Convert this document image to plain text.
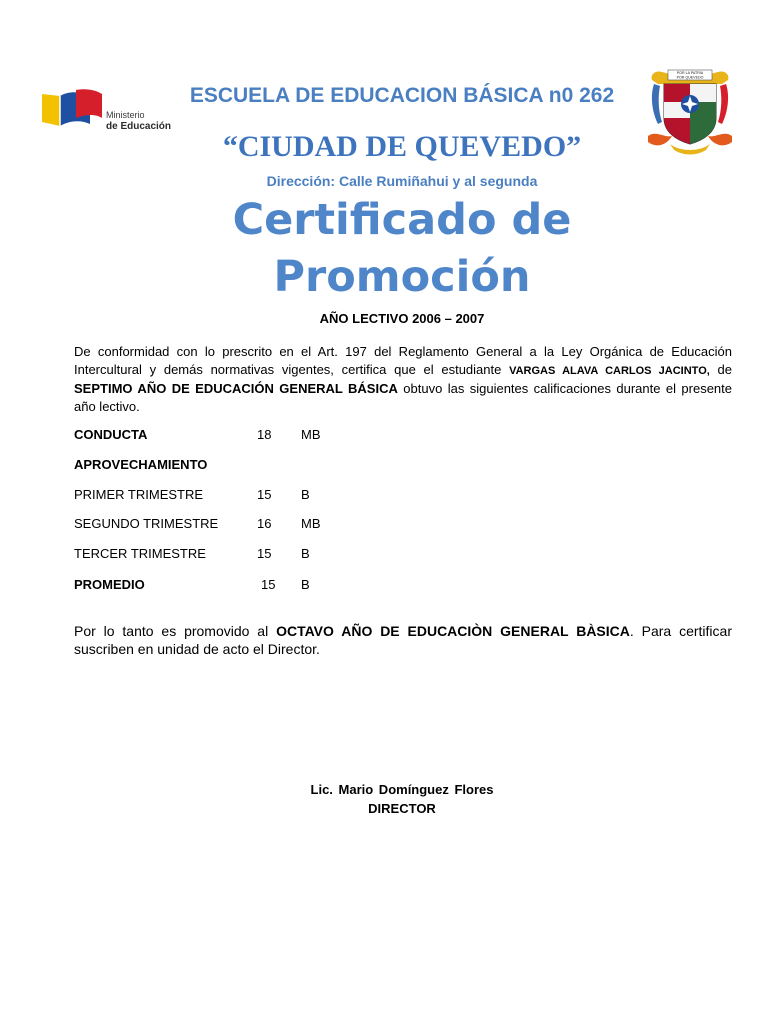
Ministerio
de Educación
POR LA PATRIA
POR QUEVEDO
ESCUELA DE EDUCACION BÁSICA n0 262
“CIUDAD DE QUEVEDO”
Dirección: Calle Rumiñahui y al segunda
Certificado de
Promoción
AÑO LECTIVO 2006 – 2007
De conformidad con lo prescrito en el Art. 197 del Reglamento General a la Ley Orgánica de Educación Intercultural y demás normativas vigentes, certifica que el estudiante VARGAS ALAVA CARLOS JACINTO, de SEPTIMO AÑO DE EDUCACIÓN GENERAL BÁSICA obtuvo las siguientes calificaciones durante el presente año lectivo.
CONDUCTA	18 MB
APROVECHAMIENTO
PRIMER TRIMESTRE	15 B
SEGUNDO TRIMESTRE	16 MB
TERCER TRIMESTRE	15 B
PROMEDIO	15 B
Por lo tanto es promovido al OCTAVO AÑO DE EDUCACIÒN GENERAL BÀSICA. Para certificar suscriben en unidad de acto el Director.
Lic. Mario Domínguez Flores
DIRECTOR
